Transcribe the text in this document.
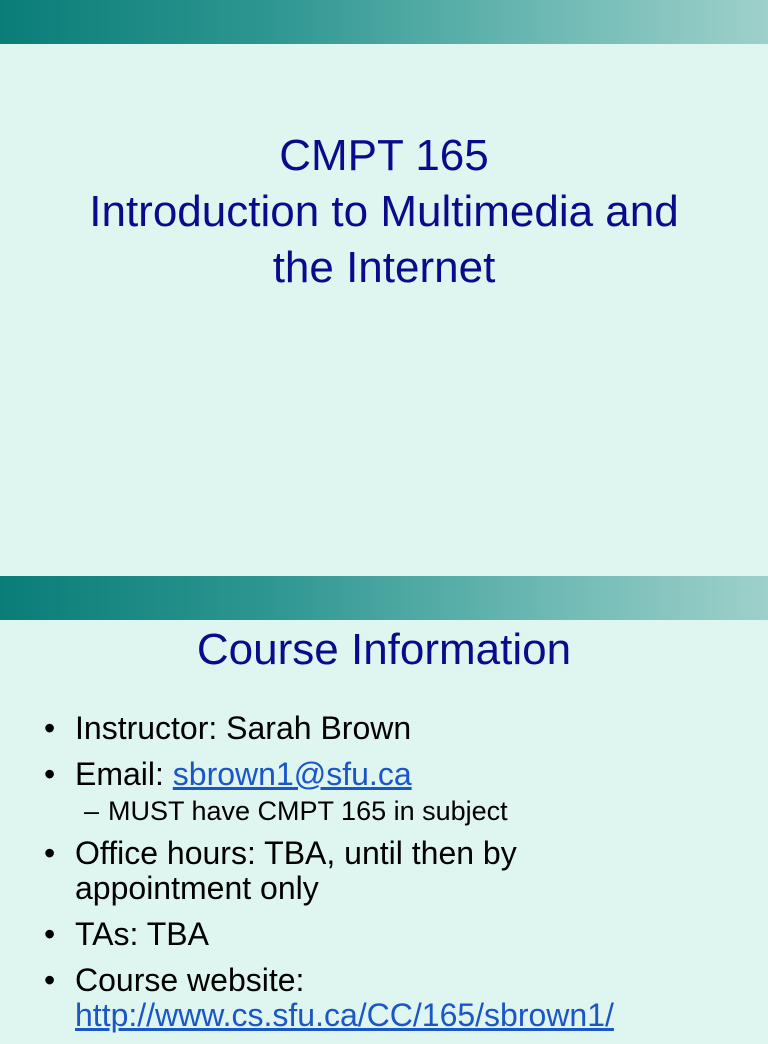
CMPT 165
Introduction to Multimedia and
the Internet
Course Information
• Instructor: Sarah Brown
• Email: sbrown1@sfu.ca
– MUST have CMPT 165 in subject
• Office hours: TBA, until then by
appointment only
• TAs: TBA
• Course website:
http://www.cs.sfu.ca/CC/165/sbrown1/
